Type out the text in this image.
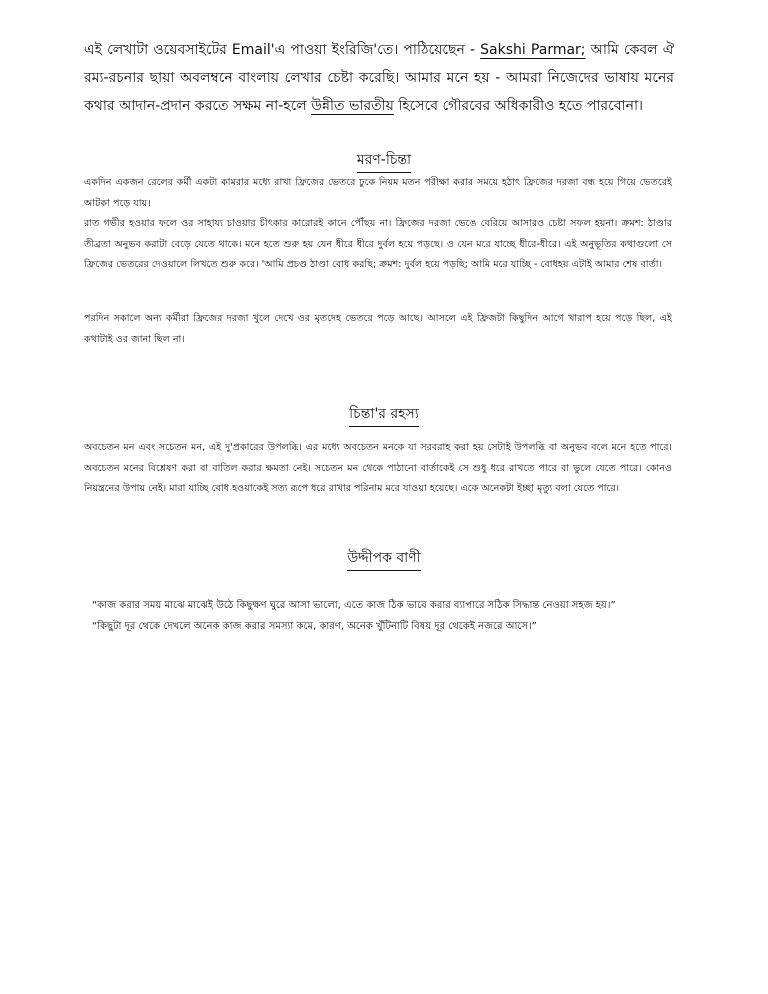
এই লেখাটা ওয়েবসাইটের Email'এ পাওয়া ইংরিজি'তে। পাঠিয়েছেন - Sakshi Parmar; আমি কেবল ঐ রম্য-রচনার ছায়া অবলম্বনে বাংলায় লেখার চেষ্টা করেছি। আমার মনে হয় - আমরা নিজেদের ভাষায় মনের কথার আদান-প্রদান করতে সক্ষম না-হলে উন্নীত ভারতীয় হিসেবে গৌরবের অধিকারীও হতে পারবোনা।

মরণ-চিন্তা

একদিন একজন রেলের কর্মী একটা কামরার মধ্যে রাখা ফ্রিজের ভেতরে ঢুকে নিয়ম মতন পরীক্ষা করার সময়ে হঠাৎ ফ্রিজের দরজা বন্ধ হয়ে গিয়ে ভেতরেই আটকা পড়ে যায়।

রাত গভীর হওয়ার ফলে ওর সাহায্য চাওয়ার চীৎকার কারোরই কানে পৌঁছয় না। ফ্রিজের দরজা ভেঙে বেরিয়ে আসারও চেষ্টা সফল হয়না। ক্রমশ: ঠাণ্ডার তীব্রতা অনুভব করাটা বেড়ে যেতে থাকে। মনে হতে শুরু হয় যেন ধীরে ধীরে দুর্বল হয়ে পড়ছে। ও যেন মরে যাচ্ছে ধীরে-ধীরে। এই অনুভূতির কথাগুলো সে ফ্রিজের ভেতরের দেওয়ালে লিখতে শুরু করে। 'আমি প্রচণ্ড ঠাণ্ডা বোধ করছি; ক্রমশ: দুর্বল হয়ে পড়ছি; আমি মরে যাচ্ছি - বোধহয় এটাই আমার শেষ বার্তা।

পরদিন সকালে অন্য কর্মীরা ফ্রিজের দরজা খুলে দেখে ওর মৃতদেহ ভেতরে পড়ে আছে। আসলে এই ফ্রিজটা কিছুদিন আগে খারাপ হয়ে পড়ে ছিল, এই কথাটাই ওর জানা ছিল না।

চিন্তা'র রহস্য

অবচেতন মন এবং সচেতন মন, এই দু'প্রকারের উপলব্ধি। এর মধ্যে অবচেতন মনকে যা সরবরাহ করা হয় সেটাই উপলব্ধি বা অনুভব বলে মনে হতে পারে। অবচেতন মনের বিশ্লেষণ করা বা বাতিল করার ক্ষমতা নেই। সচেতন মন থেকে পাঠানো বার্তাকেই সে শুধু ধরে রাখতে পারে বা ভুলে যেতে পারে। কোনও নিয়ন্ত্রনের উপায় নেই। মারা যাচ্ছি বোধ হওয়াকেই সত্য রূপে ধরে রাখার পরিনাম মরে যাওয়া হয়েছে। একে অনেকটা ইচ্ছা মৃত্যু বলা যেতে পারে।

উদ্দীপক বাণী

“কাজ করার সময় মাঝে মাঝেই উঠে কিছুক্ষণ ঘুরে আসা ভালো, এতে কাজ ঠিক ভাবে করার ব্যাপারে সঠিক সিদ্ধান্ত নেওয়া সহজ হয়।”

“কিছুটা দূর থেকে দেখলে অনেক কাজ করার সমস্যা কমে, কারণ, অনেক খুঁটিনাটি বিষয় দূর থেকেই নজরে আসে।”
